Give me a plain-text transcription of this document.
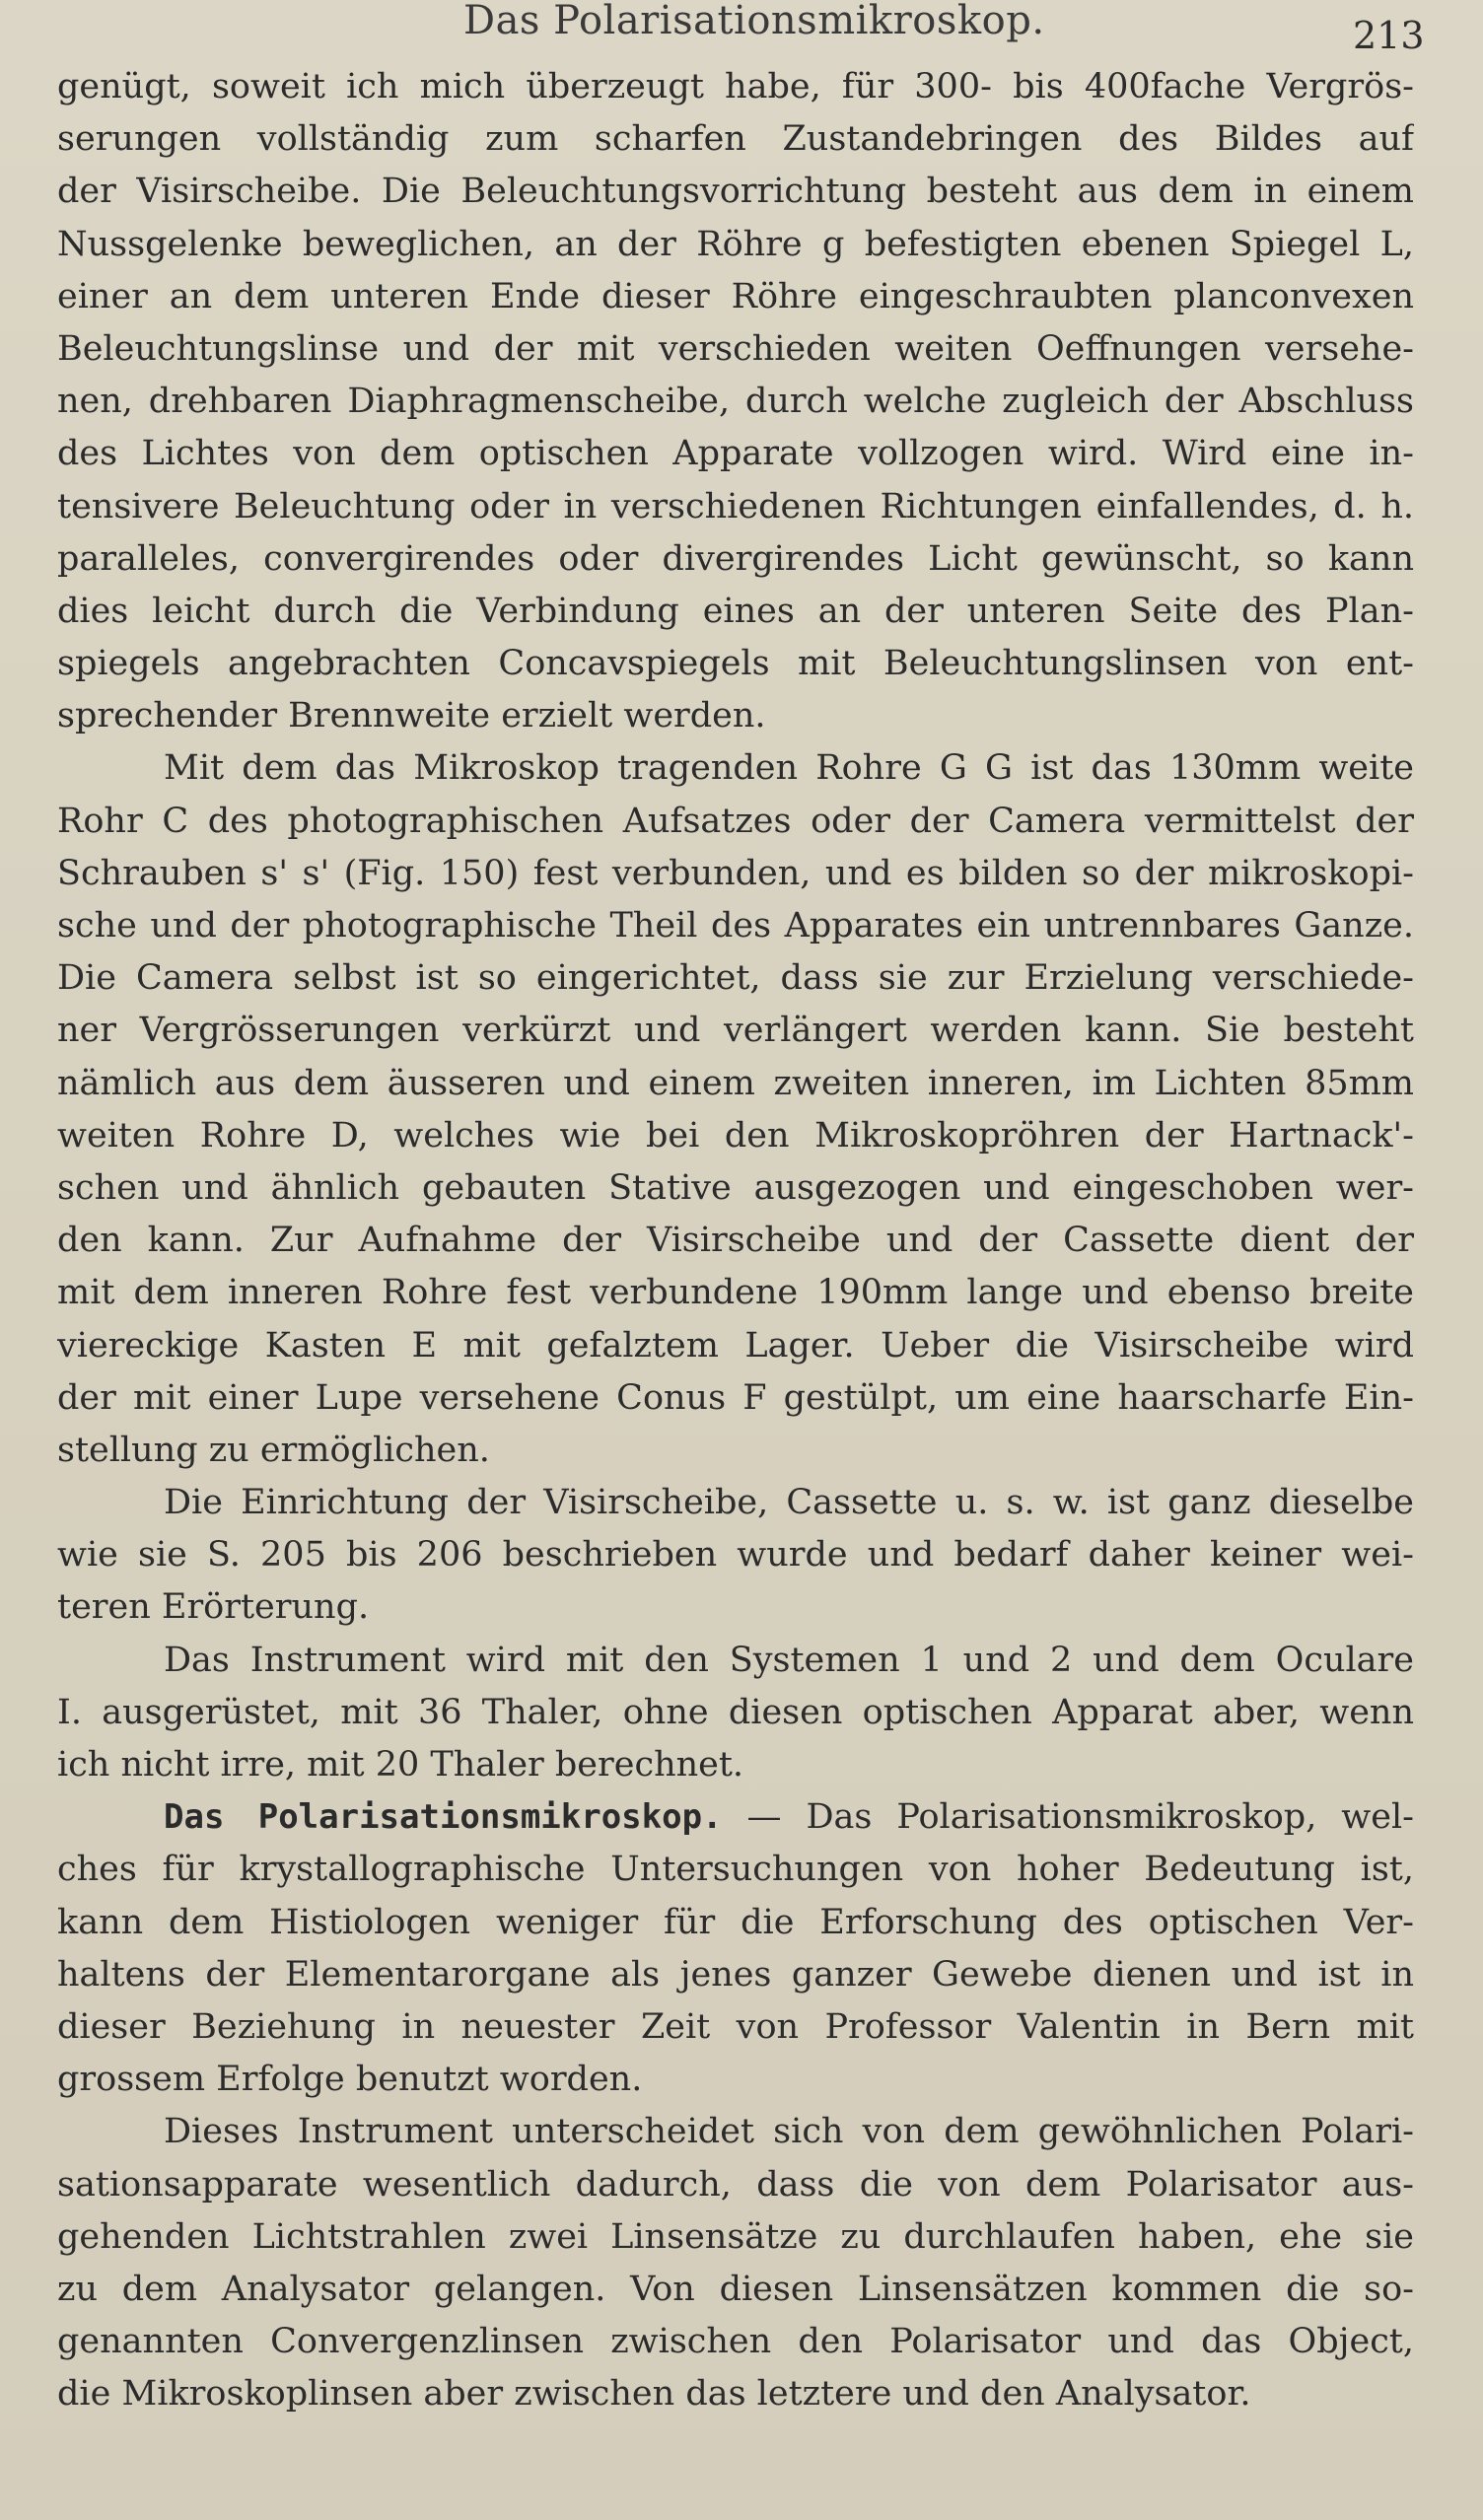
Das Polarisationsmikroskop.	213
genügt, soweit ich mich überzeugt habe, für 300- bis 400fache Vergrös-
serungen vollständig zum scharfen Zustandebringen des Bildes auf
der Visirscheibe. Die Beleuchtungsvorrichtung besteht aus dem in einem
Nussgelenke beweglichen, an der Röhre g befestigten ebenen Spiegel L,
einer an dem unteren Ende dieser Röhre eingeschraubten planconvexen
Beleuchtungslinse und der mit verschieden weiten Oeffnungen versehe-
nen, drehbaren Diaphragmenscheibe, durch welche zugleich der Abschluss
des Lichtes von dem optischen Apparate vollzogen wird. Wird eine in-
tensivere Beleuchtung oder in verschiedenen Richtungen einfallendes, d. h.
paralleles, convergirendes oder divergirendes Licht gewünscht, so kann
dies leicht durch die Verbindung eines an der unteren Seite des Plan-
spiegels angebrachten Concavspiegels mit Beleuchtungslinsen von ent-
sprechender Brennweite erzielt werden.
Mit dem das Mikroskop tragenden Rohre G G ist das 130mm weite
Rohr C des photographischen Aufsatzes oder der Camera vermittelst der
Schrauben s' s' (Fig. 150) fest verbunden, und es bilden so der mikroskopi-
sche und der photographische Theil des Apparates ein untrennbares Ganze.
Die Camera selbst ist so eingerichtet, dass sie zur Erzielung verschiede-
ner Vergrösserungen verkürzt und verlängert werden kann. Sie besteht
nämlich aus dem äusseren und einem zweiten inneren, im Lichten 85mm
weiten Rohre D, welches wie bei den Mikroskopröhren der Hartnack'-
schen und ähnlich gebauten Stative ausgezogen und eingeschoben wer-
den kann. Zur Aufnahme der Visirscheibe und der Cassette dient der
mit dem inneren Rohre fest verbundene 190mm lange und ebenso breite
viereckige Kasten E mit gefalztem Lager. Ueber die Visirscheibe wird
der mit einer Lupe versehene Conus F gestülpt, um eine haarscharfe Ein-
stellung zu ermöglichen.
Die Einrichtung der Visirscheibe, Cassette u. s. w. ist ganz dieselbe
wie sie S. 205 bis 206 beschrieben wurde und bedarf daher keiner wei-
teren Erörterung.
Das Instrument wird mit den Systemen 1 und 2 und dem Oculare
I. ausgerüstet, mit 36 Thaler, ohne diesen optischen Apparat aber, wenn
ich nicht irre, mit 20 Thaler berechnet.
Das Polarisationsmikroskop. — Das Polarisationsmikroskop, wel-
ches für krystallographische Untersuchungen von hoher Bedeutung ist,
kann dem Histiologen weniger für die Erforschung des optischen Ver-
haltens der Elementarorgane als jenes ganzer Gewebe dienen und ist in
dieser Beziehung in neuester Zeit von Professor Valentin in Bern mit
grossem Erfolge benutzt worden.
Dieses Instrument unterscheidet sich von dem gewöhnlichen Polari-
sationsapparate wesentlich dadurch, dass die von dem Polarisator aus-
gehenden Lichtstrahlen zwei Linsensätze zu durchlaufen haben, ehe sie
zu dem Analysator gelangen. Von diesen Linsensätzen kommen die so-
genannten Convergenzlinsen zwischen den Polarisator und das Object,
die Mikroskoplinsen aber zwischen das letztere und den Analysator.
